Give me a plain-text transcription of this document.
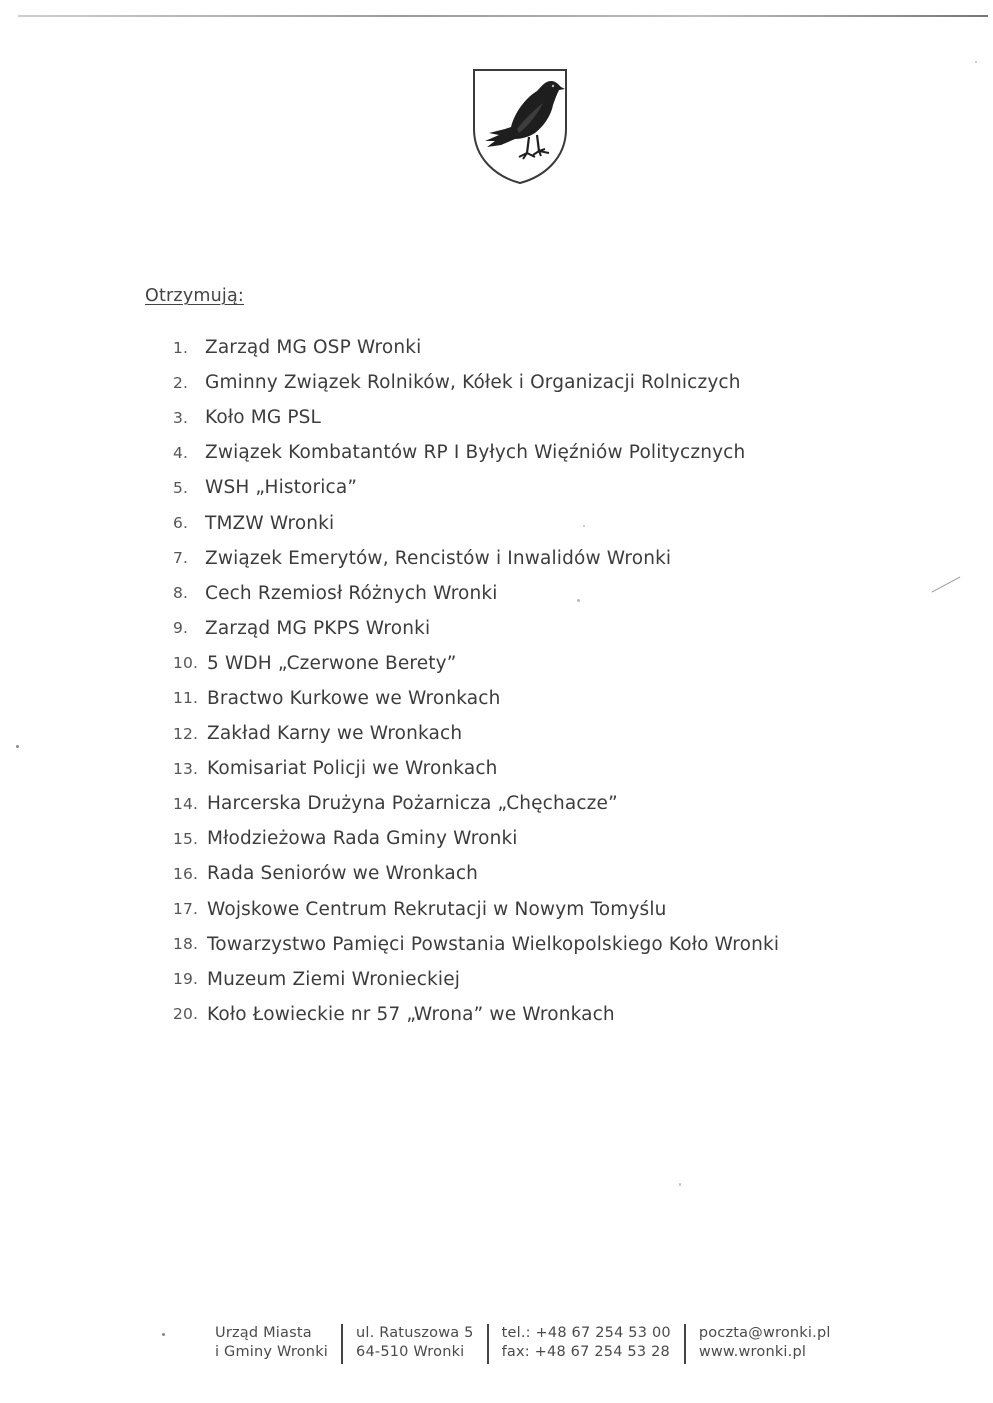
Otrzymują:
1. Zarząd MG OSP Wronki
2. Gminny Związek Rolników, Kółek i Organizacji Rolniczych
3. Koło MG PSL
4. Związek Kombatantów RP I Byłych Więźniów Politycznych
5. WSH „Historica”
6. TMZW Wronki
7. Związek Emerytów, Rencistów i Inwalidów Wronki
8. Cech Rzemiosł Różnych Wronki
9. Zarząd MG PKPS Wronki
10. 5 WDH „Czerwone Berety”
11. Bractwo Kurkowe we Wronkach
12. Zakład Karny we Wronkach
13. Komisariat Policji we Wronkach
14. Harcerska Drużyna Pożarnicza „Chęchacze”
15. Młodzieżowa Rada Gminy Wronki
16. Rada Seniorów we Wronkach
17. Wojskowe Centrum Rekrutacji w Nowym Tomyślu
18. Towarzystwo Pamięci Powstania Wielkopolskiego Koło Wronki
19. Muzeum Ziemi Wronieckiej
20. Koło Łowieckie nr 57 „Wrona” we Wronkach
Urząd Miasta
i Gminy Wronki
ul. Ratuszowa 5
64-510 Wronki
tel.: +48 67 254 53 00
fax: +48 67 254 53 28
poczta@wronki.pl
www.wronki.pl
